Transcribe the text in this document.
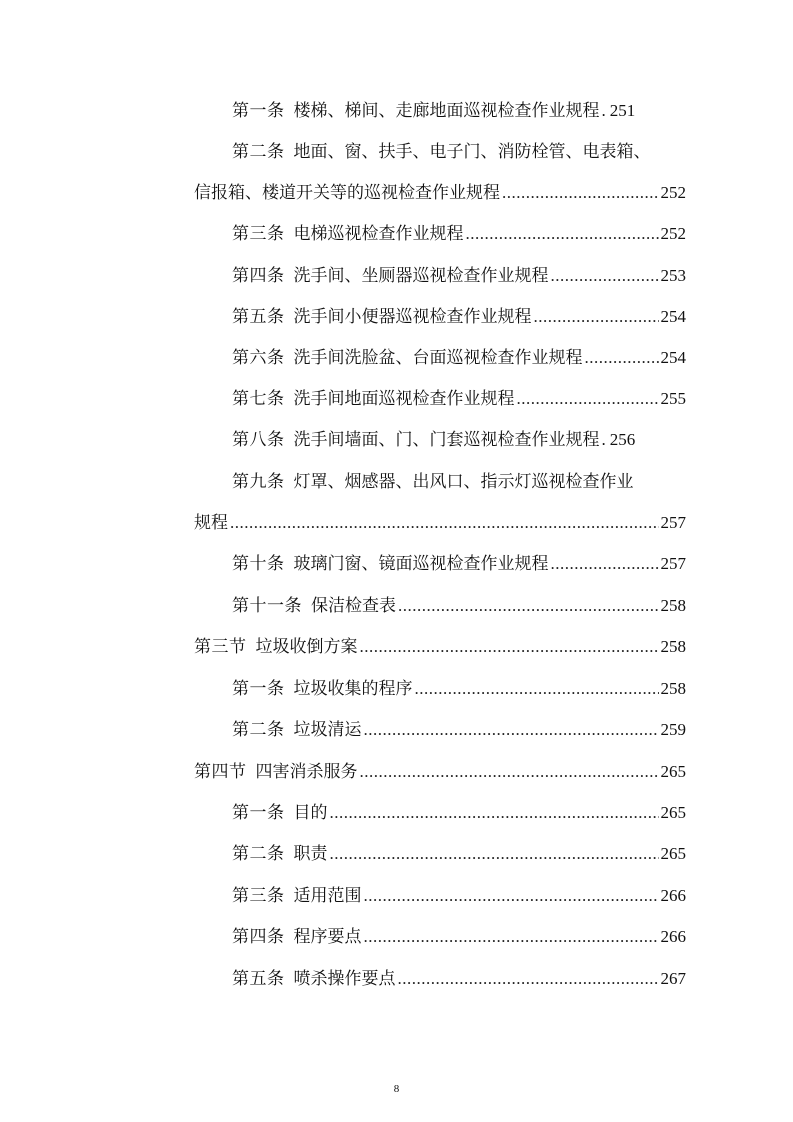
第一条 楼梯、梯间、走廊地面巡视检查作业规程 . 251
第二条 地面、窗、扶手、电子门、消防栓管、电表箱、
信报箱、楼道开关等的巡视检查作业规程 .....	252
第三条 电梯巡视检查作业规程 .....	252
第四条 洗手间、坐厕器巡视检查作业规程 .....	253
第五条 洗手间小便器巡视检查作业规程 .....	254
第六条 洗手间洗脸盆、台面巡视检查作业规程 .....	254
第七条 洗手间地面巡视检查作业规程 .....	255
第八条 洗手间墙面、门、门套巡视检查作业规程 . 256
第九条 灯罩、烟感器、出风口、指示灯巡视检查作业
规程 .....	257
第十条 玻璃门窗、镜面巡视检查作业规程 .....	257
第十一条 保洁检查表 .....	258
第三节 垃圾收倒方案 .....	258
第一条 垃圾收集的程序 .....	258
第二条 垃圾清运 .....	259
第四节 四害消杀服务 .....	265
第一条 目的 .....	265
第二条 职责 .....	265
第三条 适用范围 .....	266
第四条 程序要点 .....	266
第五条 喷杀操作要点 .....	267
8
